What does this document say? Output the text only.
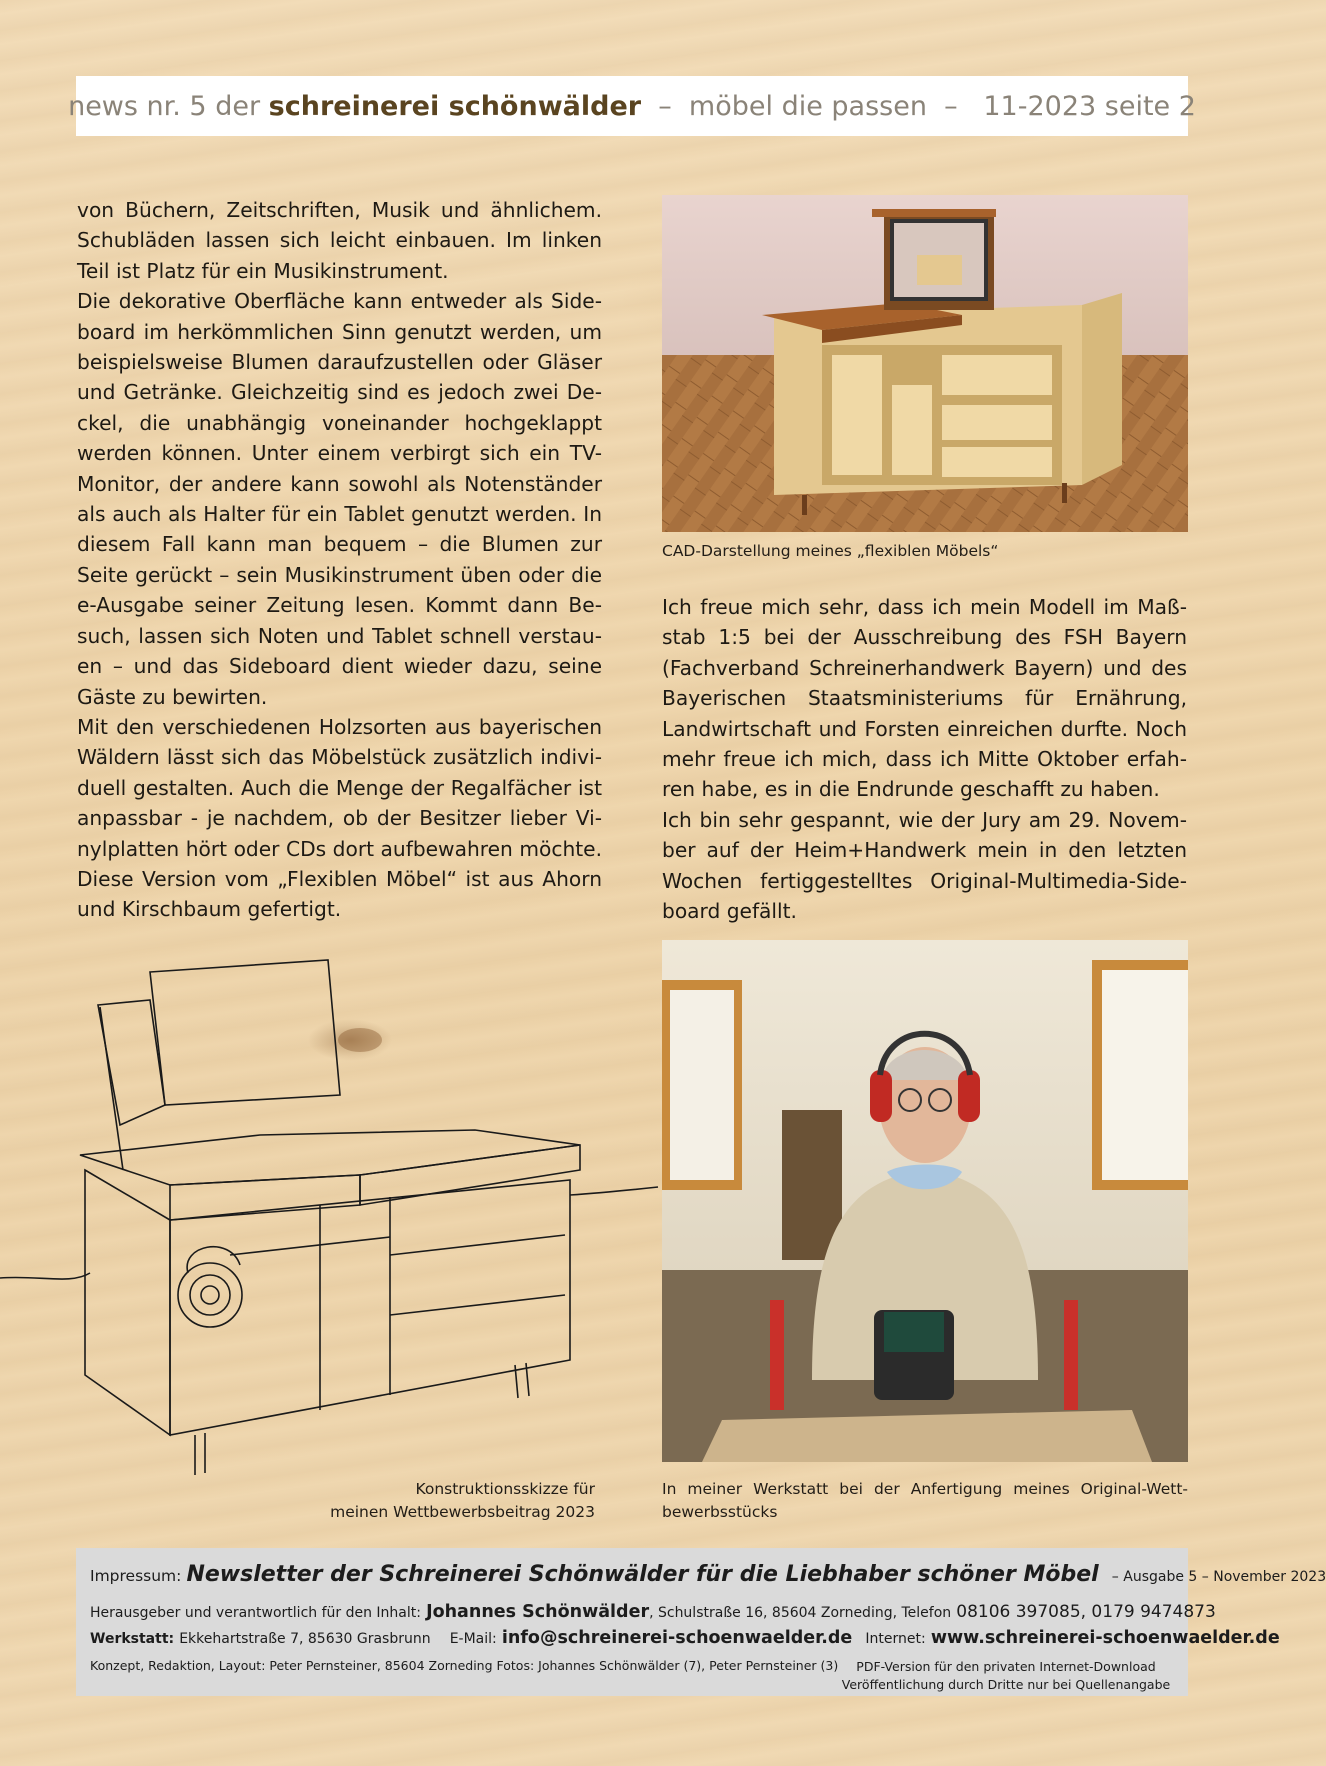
news nr. 5 der
schreinerei schönwälder
–
möbel die passen
–
11-2023 seite 2

von Büchern, Zeitschriften, Musik und ähnlichem. Schubläden lassen sich leicht einbauen. Im linken Teil ist Platz für ein Musikinstrument.

Die dekorative Oberfläche kann entweder als Sideboard im herkömmlichen Sinn genutzt werden, um beispielsweise Blumen daraufzustellen oder Gläser und Getränke. Gleichzeitig sind es jedoch zwei Deckel, die unabhängig voneinander hochgeklappt werden können. Unter einem verbirgt sich ein TV-Monitor, der andere kann sowohl als Notenständer als auch als Halter für ein Tablet genutzt werden. In diesem Fall kann man bequem – die Blumen zur Seite gerückt – sein Musikinstrument üben oder die e-Ausgabe seiner Zeitung lesen. Kommt dann Besuch, lassen sich Noten und Tablet schnell verstauen – und das Sideboard dient wieder dazu, seine Gäste zu bewirten.

Mit den verschiedenen Holzsorten aus bayerischen Wäldern lässt sich das Möbelstück zusätzlich individuell gestalten. Auch die Menge der Regalfächer ist anpassbar - je nachdem, ob der Besitzer lieber Vinylplatten hört oder CDs dort aufbewahren möchte. Diese Version vom „Flexiblen Möbel“ ist aus Ahorn und Kirschbaum gefertigt.

CAD-Darstellung meines „flexiblen Möbels“

Ich freue mich sehr, dass ich mein Modell im Maßstab 1:5 bei der Ausschreibung des FSH Bayern (Fachverband Schreinerhandwerk Bayern) und des Bayerischen Staatsministeriums für Ernährung, Landwirtschaft und Forsten einreichen durfte. Noch mehr freue ich mich, dass ich Mitte Oktober erfahren habe, es in die Endrunde geschafft zu haben.

Ich bin sehr gespannt, wie der Jury am 29. November auf der Heim+Handwerk mein in den letzten Wochen fertiggestelltes Original-Multimedia-Sideboard gefällt.

Konstruktionsskizze für
meinen Wettbewerbsbeitrag 2023
In meiner Werkstatt bei der Anfertigung meines Original-Wettbewerbsstücks
Impressum: Newsletter der Schreinerei Schönwälder für die Liebhaber schöner Möbel – Ausgabe 5 – November 2023
Herausgeber und verantwortlich für den Inhalt: Johannes Schönwälder, Schulstraße 16, 85604 Zorneding, Telefon 08106 397085, 0179 9474873
Werkstatt: Ekkehartstraße 7, 85630 Grasbrunn E-Mail: info@schreinerei-schoenwaelder.de Internet: www.schreinerei-schoenwaelder.de
Konzept, Redaktion, Layout: Peter Pernsteiner, 85604 Zorneding Fotos: Johannes Schönwälder (7), Peter Pernsteiner (3)	PDF-Version für den privaten Internet-Download
Veröffentlichung durch Dritte nur bei Quellenangabe
